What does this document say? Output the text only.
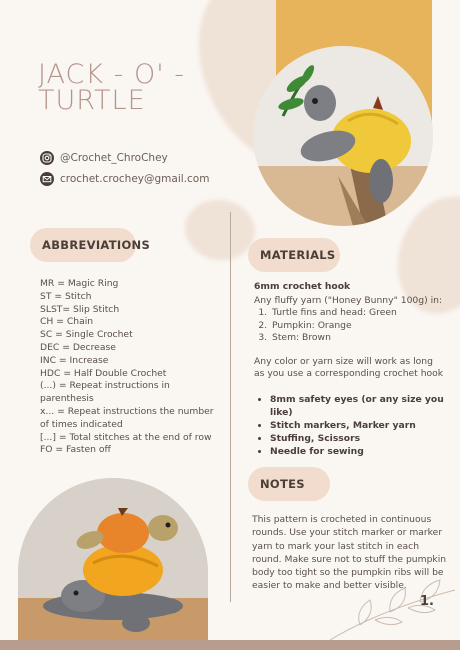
JACK - O' -
TURTLE
@Crochet_ChroChey
crochet.crochey@gmail.com
ABBREVIATIONS
MR = Magic Ring
ST = Stitch
SLST= Slip Stitch
CH = Chain
SC = Single Crochet
DEC = Decrease
INC = Increase
HDC = Half Double Crochet
(...) = Repeat instructions in parenthesis
x... = Repeat instructions the number of times indicated
[...] = Total stitches at the end of row
FO = Fasten off
MATERIALS
6mm crochet hook
Any fluffy yarn ("Honey Bunny" 100g) in:
1. Turtle fins and head: Green
2. Pumpkin: Orange
3. Stem: Brown
Any color or yarn size will work as long as you use a corresponding crochet hook
• 8mm safety eyes (or any size you like)
• Stitch markers, Marker yarn
• Stuffing, Scissors
• Needle for sewing
NOTES
This pattern is crocheted in continuous rounds. Use your stitch marker or marker yarn to mark your last stitch in each round. Make sure not to stuff the pumpkin body too tight so the pumpkin ribs will be easier to make and better visible.
1.
